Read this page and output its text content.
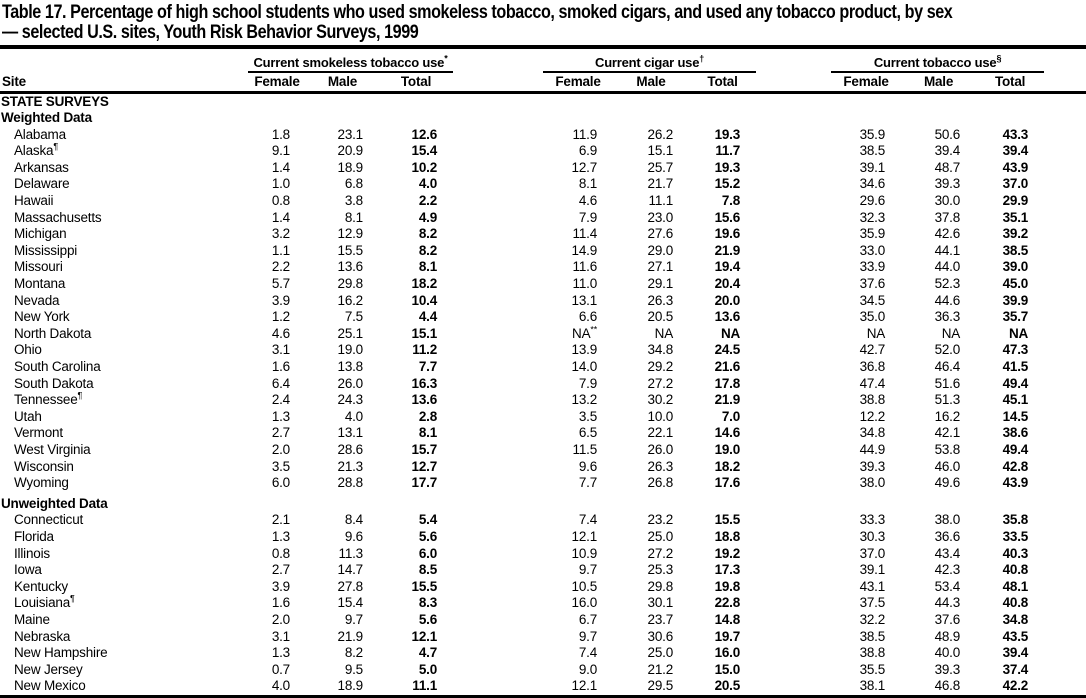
Table 17. Percentage of high school students who used smokeless tobacco, smoked cigars, and used any tobacco product, by sex
— selected U.S. sites, Youth Risk Behavior Surveys, 1999
	Current smokeless tobacco use*				Current cigar use†				Current tobacco use§	
Site	Female	Male	Total		Female	Male	Total		Female	Male	Total	
STATE SURVEYS												
Weighted Data												
Alabama	1.8	23.1	12.6		11.9	26.2	19.3		35.9	50.6	43.3	
Alaska¶	9.1	20.9	15.4		6.9	15.1	11.7		38.5	39.4	39.4	
Arkansas	1.4	18.9	10.2		12.7	25.7	19.3		39.1	48.7	43.9	
Delaware	1.0	6.8	4.0		8.1	21.7	15.2		34.6	39.3	37.0	
Hawaii	0.8	3.8	2.2		4.6	11.1	7.8		29.6	30.0	29.9	
Massachusetts	1.4	8.1	4.9		7.9	23.0	15.6		32.3	37.8	35.1	
Michigan	3.2	12.9	8.2		11.4	27.6	19.6		35.9	42.6	39.2	
Mississippi	1.1	15.5	8.2		14.9	29.0	21.9		33.0	44.1	38.5	
Missouri	2.2	13.6	8.1		11.6	27.1	19.4		33.9	44.0	39.0	
Montana	5.7	29.8	18.2		11.0	29.1	20.4		37.6	52.3	45.0	
Nevada	3.9	16.2	10.4		13.1	26.3	20.0		34.5	44.6	39.9	
New York	1.2	7.5	4.4		6.6	20.5	13.6		35.0	36.3	35.7	
North Dakota	4.6	25.1	15.1		NA**	NA	NA		NA	NA	NA	
Ohio	3.1	19.0	11.2		13.9	34.8	24.5		42.7	52.0	47.3	
South Carolina	1.6	13.8	7.7		14.0	29.2	21.6		36.8	46.4	41.5	
South Dakota	6.4	26.0	16.3		7.9	27.2	17.8		47.4	51.6	49.4	
Tennessee¶	2.4	24.3	13.6		13.2	30.2	21.9		38.8	51.3	45.1	
Utah	1.3	4.0	2.8		3.5	10.0	7.0		12.2	16.2	14.5	
Vermont	2.7	13.1	8.1		6.5	22.1	14.6		34.8	42.1	38.6	
West Virginia	2.0	28.6	15.7		11.5	26.0	19.0		44.9	53.8	49.4	
Wisconsin	3.5	21.3	12.7		9.6	26.3	18.2		39.3	46.0	42.8	
Wyoming	6.0	28.8	17.7		7.7	26.8	17.6		38.0	49.6	43.9	
Unweighted Data												
Connecticut	2.1	8.4	5.4		7.4	23.2	15.5		33.3	38.0	35.8	
Florida	1.3	9.6	5.6		12.1	25.0	18.8		30.3	36.6	33.5	
Illinois	0.8	11.3	6.0		10.9	27.2	19.2		37.0	43.4	40.3	
Iowa	2.7	14.7	8.5		9.7	25.3	17.3		39.1	42.3	40.8	
Kentucky	3.9	27.8	15.5		10.5	29.8	19.8		43.1	53.4	48.1	
Louisiana¶	1.6	15.4	8.3		16.0	30.1	22.8		37.5	44.3	40.8	
Maine	2.0	9.7	5.6		6.7	23.7	14.8		32.2	37.6	34.8	
Nebraska	3.1	21.9	12.1		9.7	30.6	19.7		38.5	48.9	43.5	
New Hampshire	1.3	8.2	4.7		7.4	25.0	16.0		38.8	40.0	39.4	
New Jersey	0.7	9.5	5.0		9.0	21.2	15.0		35.5	39.3	37.4	
New Mexico	4.0	18.9	11.1		12.1	29.5	20.5		38.1	46.8	42.2	
